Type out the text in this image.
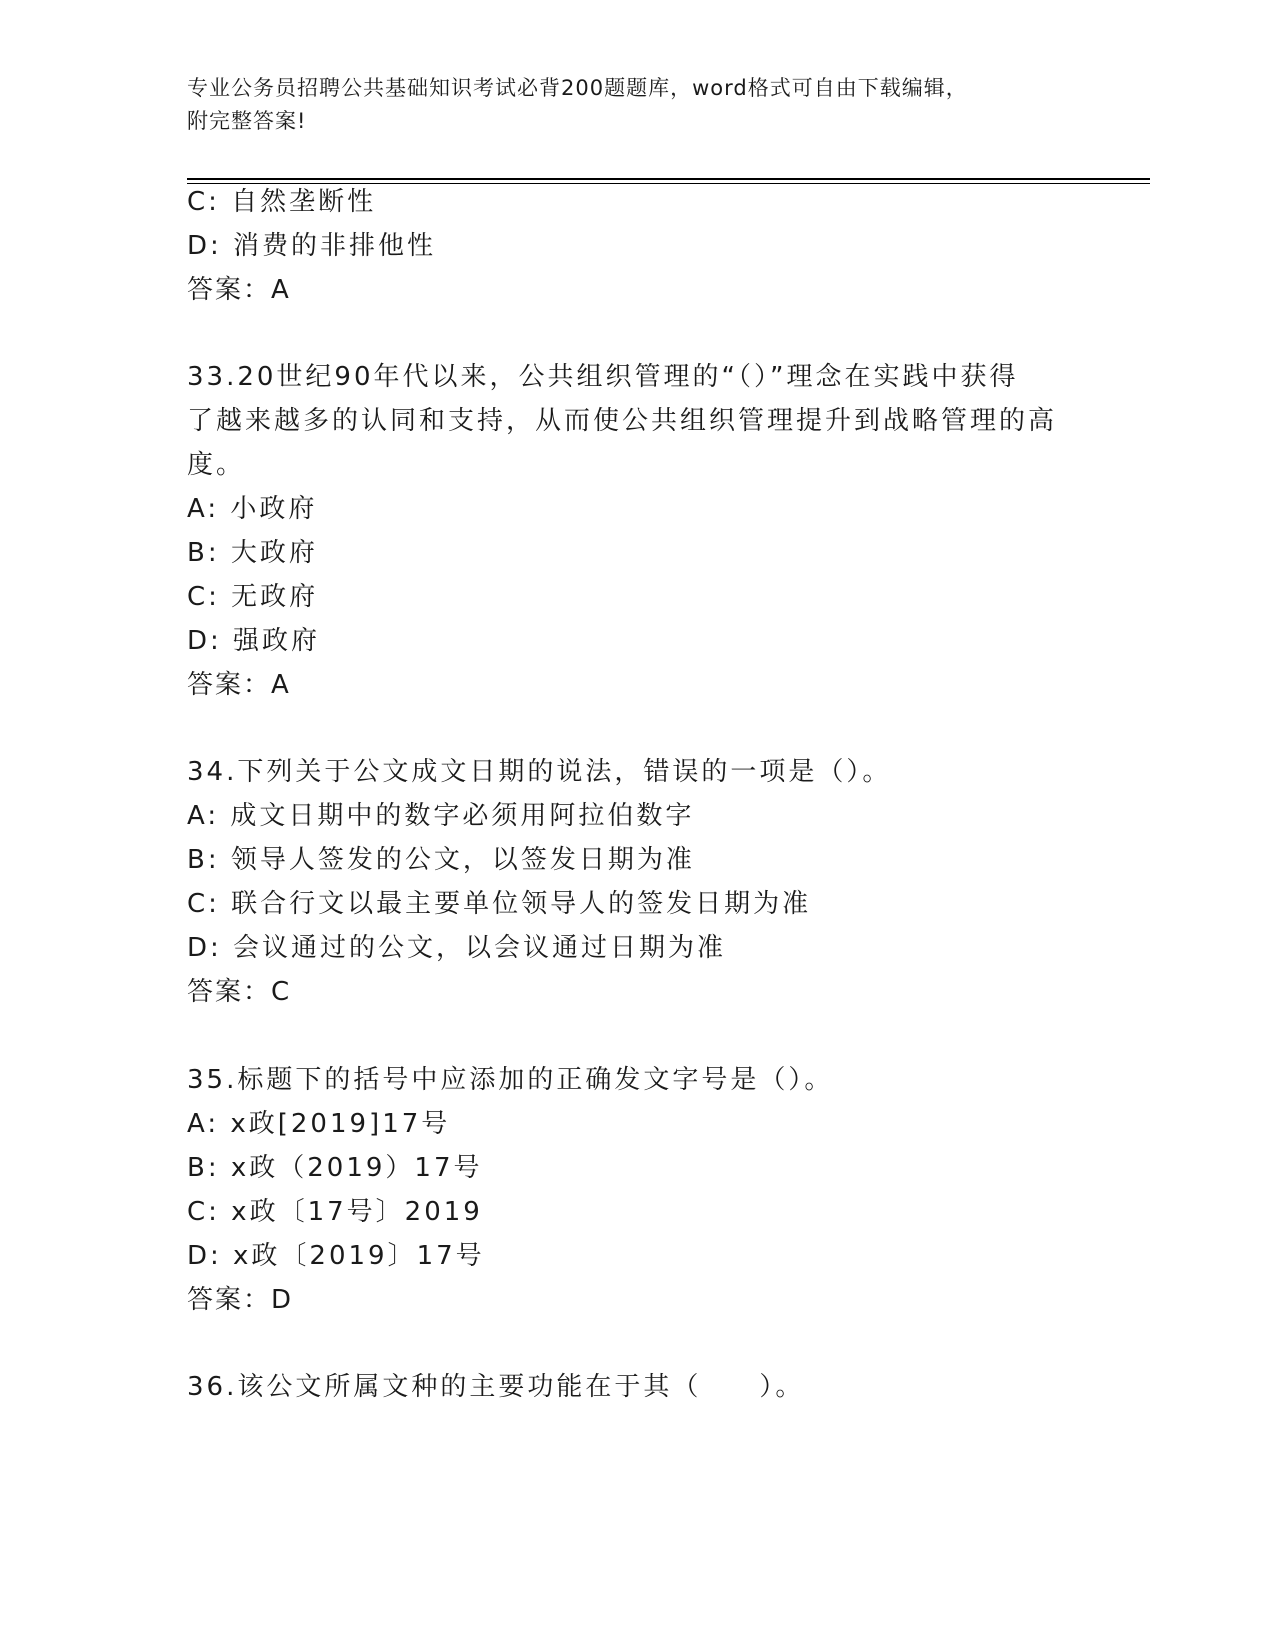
专业公务员招聘公共基础知识考试必背200题题库，word格式可自由下载编辑，
附完整答案!
C: 自然垄断性
D: 消费的非排他性
答案：A
33.20世纪90年代以来，公共组织管理的“（）”理念在实践中获得
了越来越多的认同和支持，从而使公共组织管理提升到战略管理的高
度。
A: 小政府
B: 大政府
C: 无政府
D: 强政府
答案：A
34.下列关于公文成文日期的说法，错误的一项是（）。
A: 成文日期中的数字必须用阿拉伯数字
B: 领导人签发的公文，以签发日期为准
C: 联合行文以最主要单位领导人的签发日期为准
D: 会议通过的公文，以会议通过日期为准
答案：C
35.标题下的括号中应添加的正确发文字号是（）。
A: x政[2019]17号
B: x政（2019）17号
C: x政〔17号〕2019
D: x政〔2019〕17号
答案：D
36.该公文所属文种的主要功能在于其（　　）。
